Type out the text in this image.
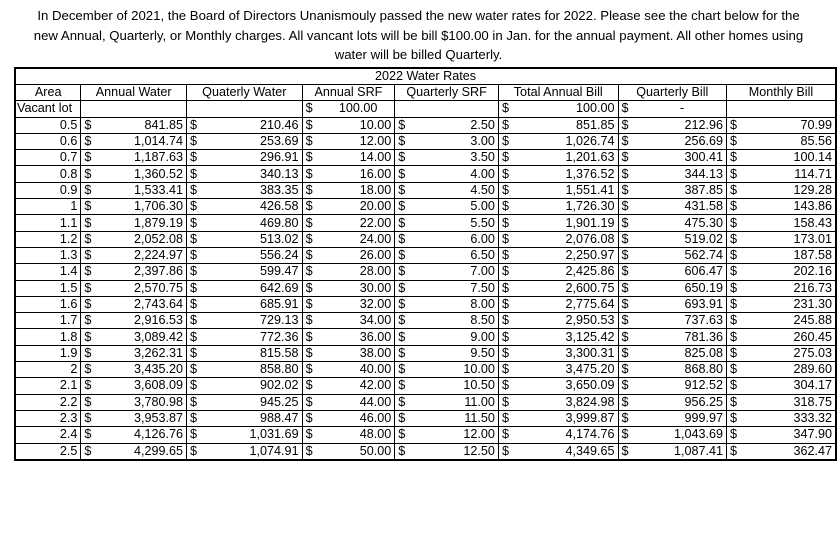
In December of 2021, the Board of Directors Unanismouly passed the new water rates for 2022. Please see the chart below for the
new Annual, Quarterly, or Monthly charges. All vancant lots will be bill $100.00 in Jan. for the annual payment. All other homes using
water will be billed Quarterly.
2022 Water Rates														
Area	Annual Water		Quaterly Water		Annual SRF		Quarterly SRF		Total Annual Bill		Quarterly Bill		Monthly Bill	
Vacant lot					$	100.00			$	100.00	$	-		
0.5	$	841.85	$	210.46	$	10.00	$	2.50	$	851.85	$	212.96	$	70.99
0.6	$	1,014.74	$	253.69	$	12.00	$	3.00	$	1,026.74	$	256.69	$	85.56
0.7	$	1,187.63	$	296.91	$	14.00	$	3.50	$	1,201.63	$	300.41	$	100.14
0.8	$	1,360.52	$	340.13	$	16.00	$	4.00	$	1,376.52	$	344.13	$	114.71
0.9	$	1,533.41	$	383.35	$	18.00	$	4.50	$	1,551.41	$	387.85	$	129.28
1	$	1,706.30	$	426.58	$	20.00	$	5.00	$	1,726.30	$	431.58	$	143.86
1.1	$	1,879.19	$	469.80	$	22.00	$	5.50	$	1,901.19	$	475.30	$	158.43
1.2	$	2,052.08	$	513.02	$	24.00	$	6.00	$	2,076.08	$	519.02	$	173.01
1.3	$	2,224.97	$	556.24	$	26.00	$	6.50	$	2,250.97	$	562.74	$	187.58
1.4	$	2,397.86	$	599.47	$	28.00	$	7.00	$	2,425.86	$	606.47	$	202.16
1.5	$	2,570.75	$	642.69	$	30.00	$	7.50	$	2,600.75	$	650.19	$	216.73
1.6	$	2,743.64	$	685.91	$	32.00	$	8.00	$	2,775.64	$	693.91	$	231.30
1.7	$	2,916.53	$	729.13	$	34.00	$	8.50	$	2,950.53	$	737.63	$	245.88
1.8	$	3,089.42	$	772.36	$	36.00	$	9.00	$	3,125.42	$	781.36	$	260.45
1.9	$	3,262.31	$	815.58	$	38.00	$	9.50	$	3,300.31	$	825.08	$	275.03
2	$	3,435.20	$	858.80	$	40.00	$	10.00	$	3,475.20	$	868.80	$	289.60
2.1	$	3,608.09	$	902.02	$	42.00	$	10.50	$	3,650.09	$	912.52	$	304.17
2.2	$	3,780.98	$	945.25	$	44.00	$	11.00	$	3,824.98	$	956.25	$	318.75
2.3	$	3,953.87	$	988.47	$	46.00	$	11.50	$	3,999.87	$	999.97	$	333.32
2.4	$	4,126.76	$	1,031.69	$	48.00	$	12.00	$	4,174.76	$	1,043.69	$	347.90
2.5	$	4,299.65	$	1,074.91	$	50.00	$	12.50	$	4,349.65	$	1,087.41	$	362.47
